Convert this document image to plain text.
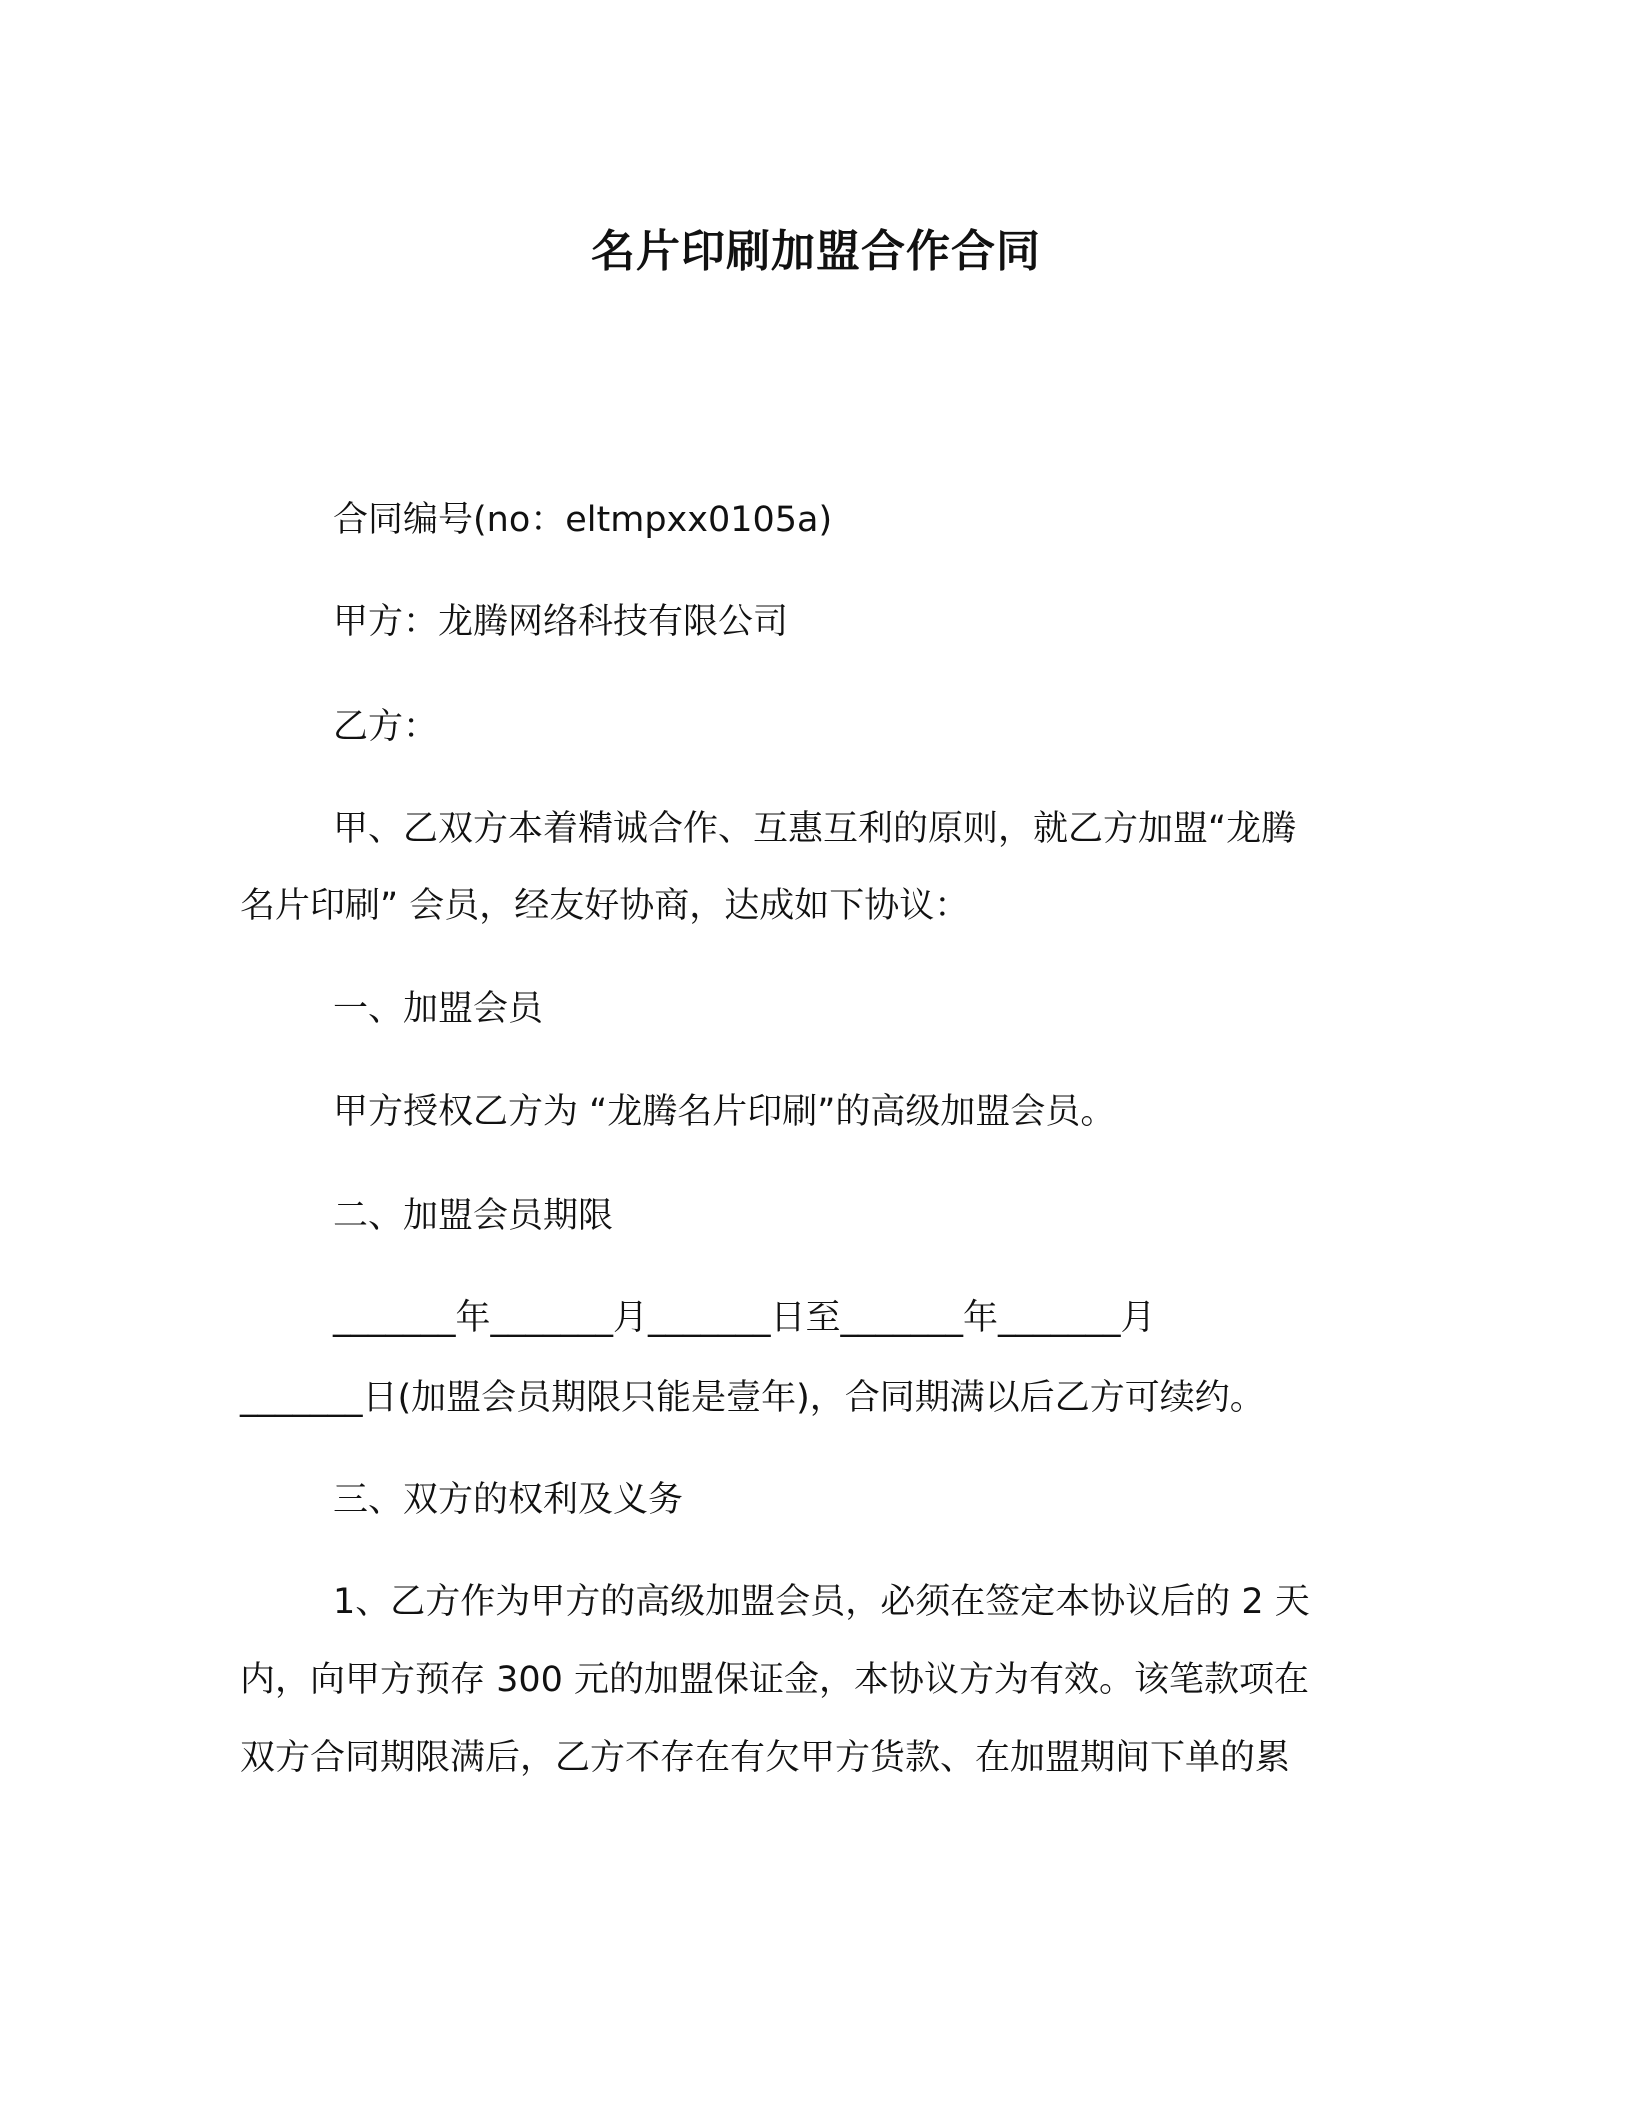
名片印刷加盟合作合同
合同编号(no：eltmpxx0105a)
甲方：龙腾网络科技有限公司
乙方：
甲、乙双方本着精诚合作、互惠互利的原则，就乙方加盟“龙腾
名片印刷” 会员，经友好协商，达成如下协议：
一、加盟会员
甲方授权乙方为 “龙腾名片印刷”的高级加盟会员。
二、加盟会员期限
_______年_______月_______日至_______年_______月
_______日(加盟会员期限只能是壹年)，合同期满以后乙方可续约。
三、双方的权利及义务
1、乙方作为甲方的高级加盟会员，必须在签定本协议后的 2 天
内，向甲方预存 300 元的加盟保证金，本协议方为有效。该笔款项在
双方合同期限满后，乙方不存在有欠甲方货款、在加盟期间下单的累
